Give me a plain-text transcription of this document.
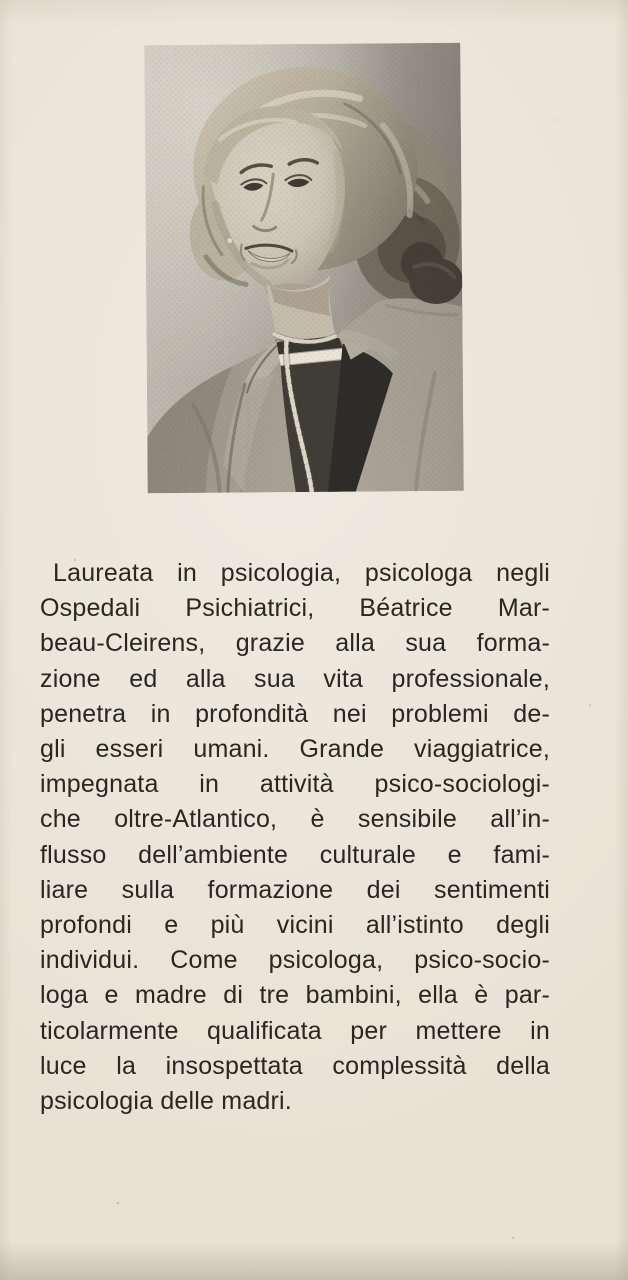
Laureata in psicologia, psicologa negli

Ospedali Psichiatrici, Béatrice Mar-

beau-Cleirens, grazie alla sua forma-

zione ed alla sua vita professionale,

penetra in profondità nei problemi de-

gli esseri umani. Grande viaggiatrice,

impegnata in attività psico-sociologi-

che oltre-Atlantico, è sensibile all’in-

flusso dell’ambiente culturale e fami-

liare sulla formazione dei sentimenti

profondi e più vicini all’istinto degli

individui. Come psicologa, psico-socio-

loga e madre di tre bambini, ella è par-

ticolarmente qualificata per mettere in

luce la insospettata complessità della

psicologia delle madri.
